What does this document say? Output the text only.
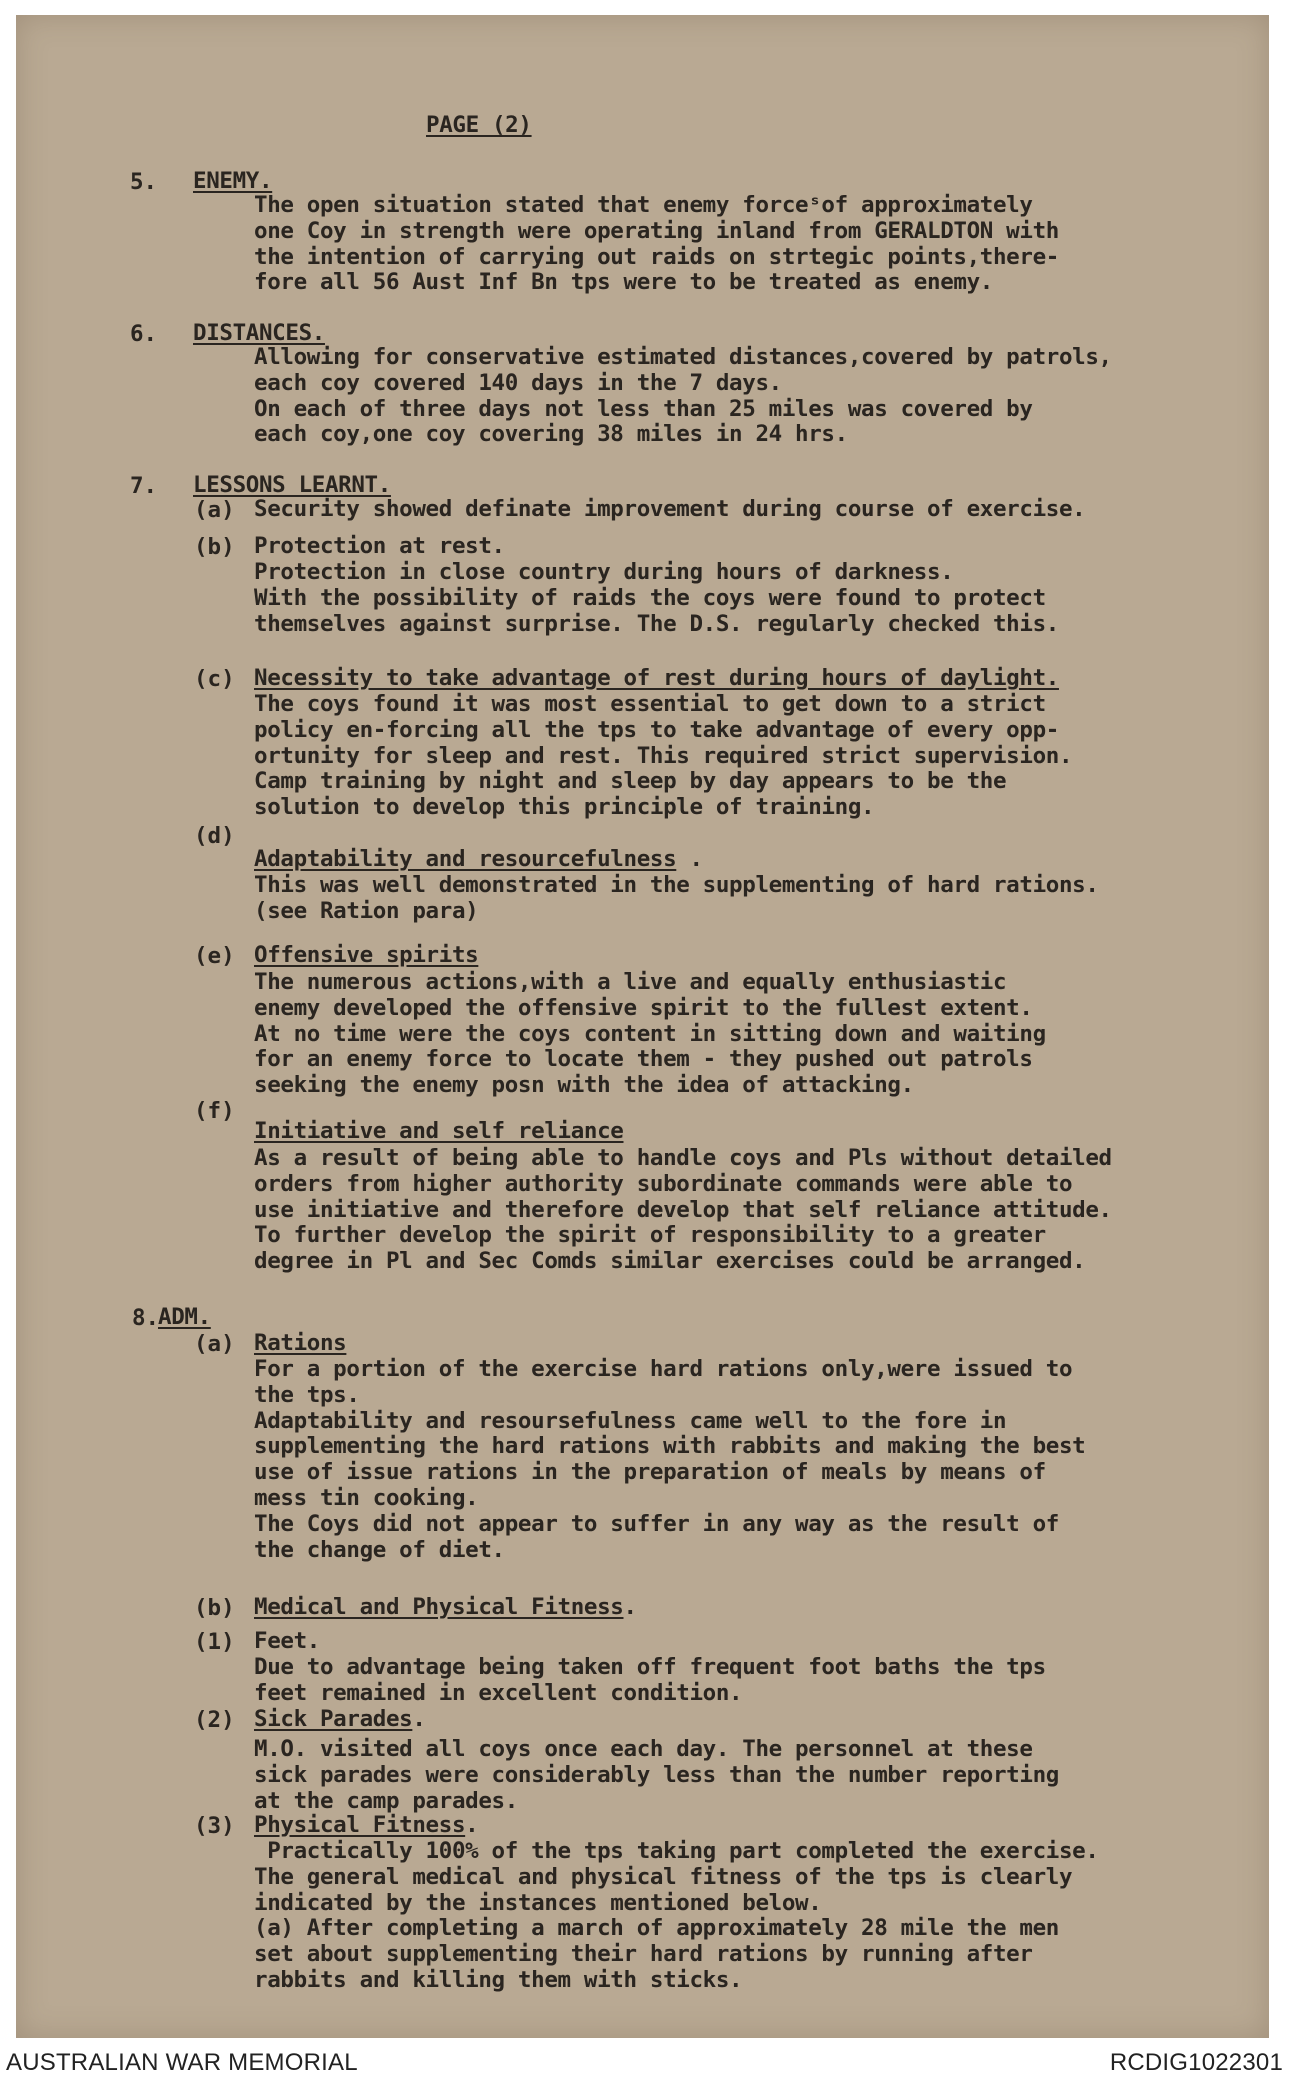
PAGE (2)

5. ENEMY.

The open situation stated that enemy forceˢof approximately
one Coy in strength were operating inland from GERALDTON with
the intention of carrying out raids on strtegic points,there-
fore all 56 Aust Inf Bn tps were to be treated as enemy.

6. DISTANCES.

Allowing for conservative estimated distances,covered by patrols,
each coy covered 140 days in the 7 days.
On each of three days not less than 25 miles was covered by
each coy,one coy covering 38 miles in 24 hrs.

7. LESSONS LEARNT.

(a) Security showed definate improvement during course of exercise.

(b) Protection at rest.

Protection in close country during hours of darkness.
With the possibility of raids the coys were found to protect
themselves against surprise. The D.S. regularly checked this.

(c) Necessity to take advantage of rest during hours of daylight.

The coys found it was most essential to get down to a strict
policy en-forcing all the tps to take advantage of every opp-
ortunity for sleep and rest. This required strict supervision.
Camp training by night and sleep by day appears to be the
solution to develop this principle of training.

(d)

Adaptability and resourcefulness .

This was well demonstrated in the supplementing of hard rations.
(see Ration para)

(e) Offensive spirits

The numerous actions,with a live and equally enthusiastic
enemy developed the offensive spirit to the fullest extent.
At no time were the coys content in sitting down and waiting
for an enemy force to locate them - they pushed out patrols
seeking the enemy posn with the idea of attacking.

(f)

Initiative and self reliance

As a result of being able to handle coys and Pls without detailed
orders from higher authority subordinate commands were able to
use initiative and therefore develop that self reliance attitude.
To further develop the spirit of responsibility to a greater
degree in Pl and Sec Comds similar exercises could be arranged.

8.

ADM.

(a) Rations

For a portion of the exercise hard rations only,were issued to
the tps.
Adaptability and resoursefulness came well to the fore in
supplementing the hard rations with rabbits and making the best
use of issue rations in the preparation of meals by means of
mess tin cooking.
The Coys did not appear to suffer in any way as the result of
the change of diet.

(b) Medical and Physical Fitness.

(1) Feet.

Due to advantage being taken off frequent foot baths the tps
feet remained in excellent condition.

(2) Sick Parades.

M.O. visited all coys once each day. The personnel at these
sick parades were considerably less than the number reporting
at the camp parades.

(3) Physical Fitness.

Practically 100% of the tps taking part completed the exercise.
The general medical and physical fitness of the tps is clearly
indicated by the instances mentioned below.
(a) After completing a march of approximately 28 mile the men
set about supplementing their hard rations by running after
rabbits and killing them with sticks.

AUSTRALIAN WAR MEMORIAL	RCDIG1022301
